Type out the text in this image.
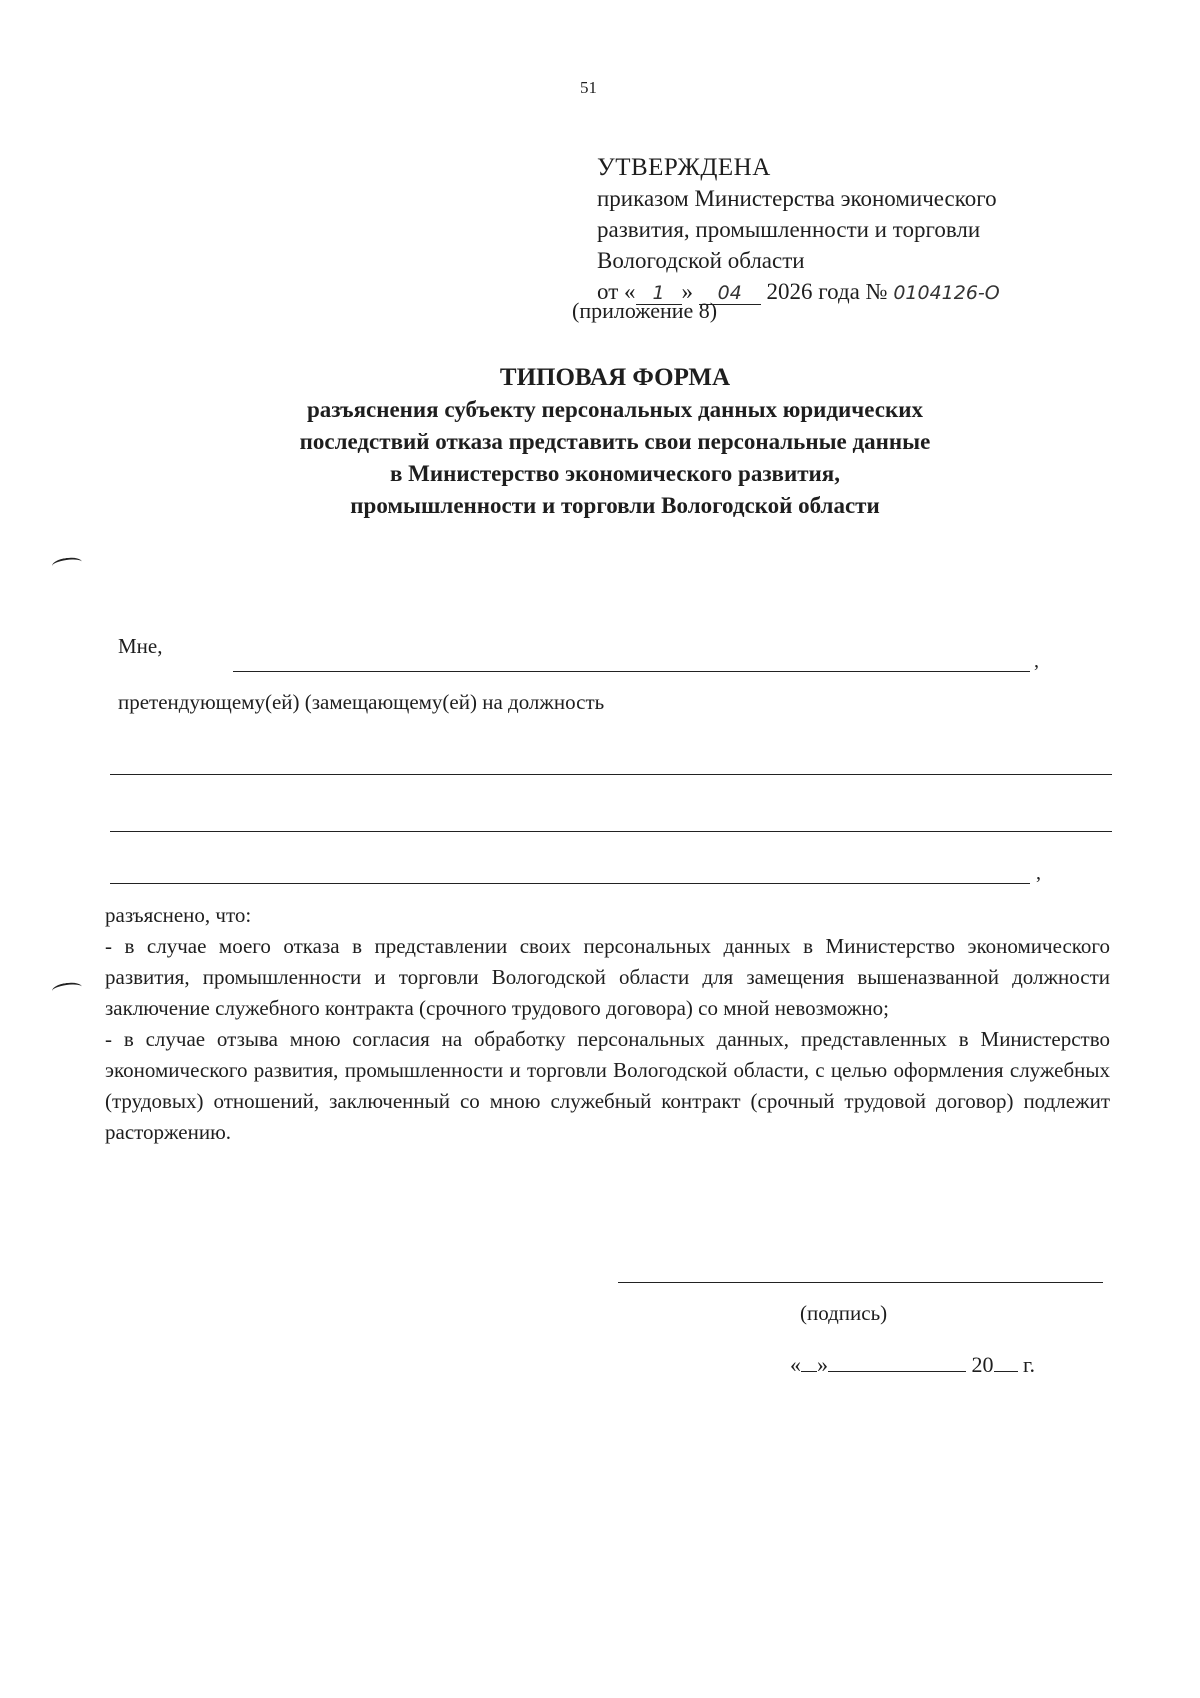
51
УТВЕРЖДЕНА
приказом Министерства экономического
развития, промышленности и торговли
Вологодской области
от « 1 » 04 2026 года № 0104126-О
(приложение 8)
ТИПОВАЯ ФОРМА
разъяснения субъекту персональных данных юридических
последствий отказа представить свои персональные данные
в Министерство экономического развития,
промышленности и торговли Вологодской области
Мне,
,
претендующему(ей) (замещающему(ей) на должность
,

разъяснено, что:

- в случае моего отказа в представлении своих персональных данных в Министерство экономического развития, промышленности и торговли Вологодской области для замещения вышеназванной должности заключение служебного контракта (срочного трудового договора) со мной невозможно;

- в случае отзыва мною согласия на обработку персональных данных, представленных в Министерство экономического развития, промышленности и торговли Вологодской области, с целью оформления служебных (трудовых) отношений, заключенный со мною служебный контракт (срочный трудовой договор) подлежит расторжению.

(подпись)
« »	20 г.
